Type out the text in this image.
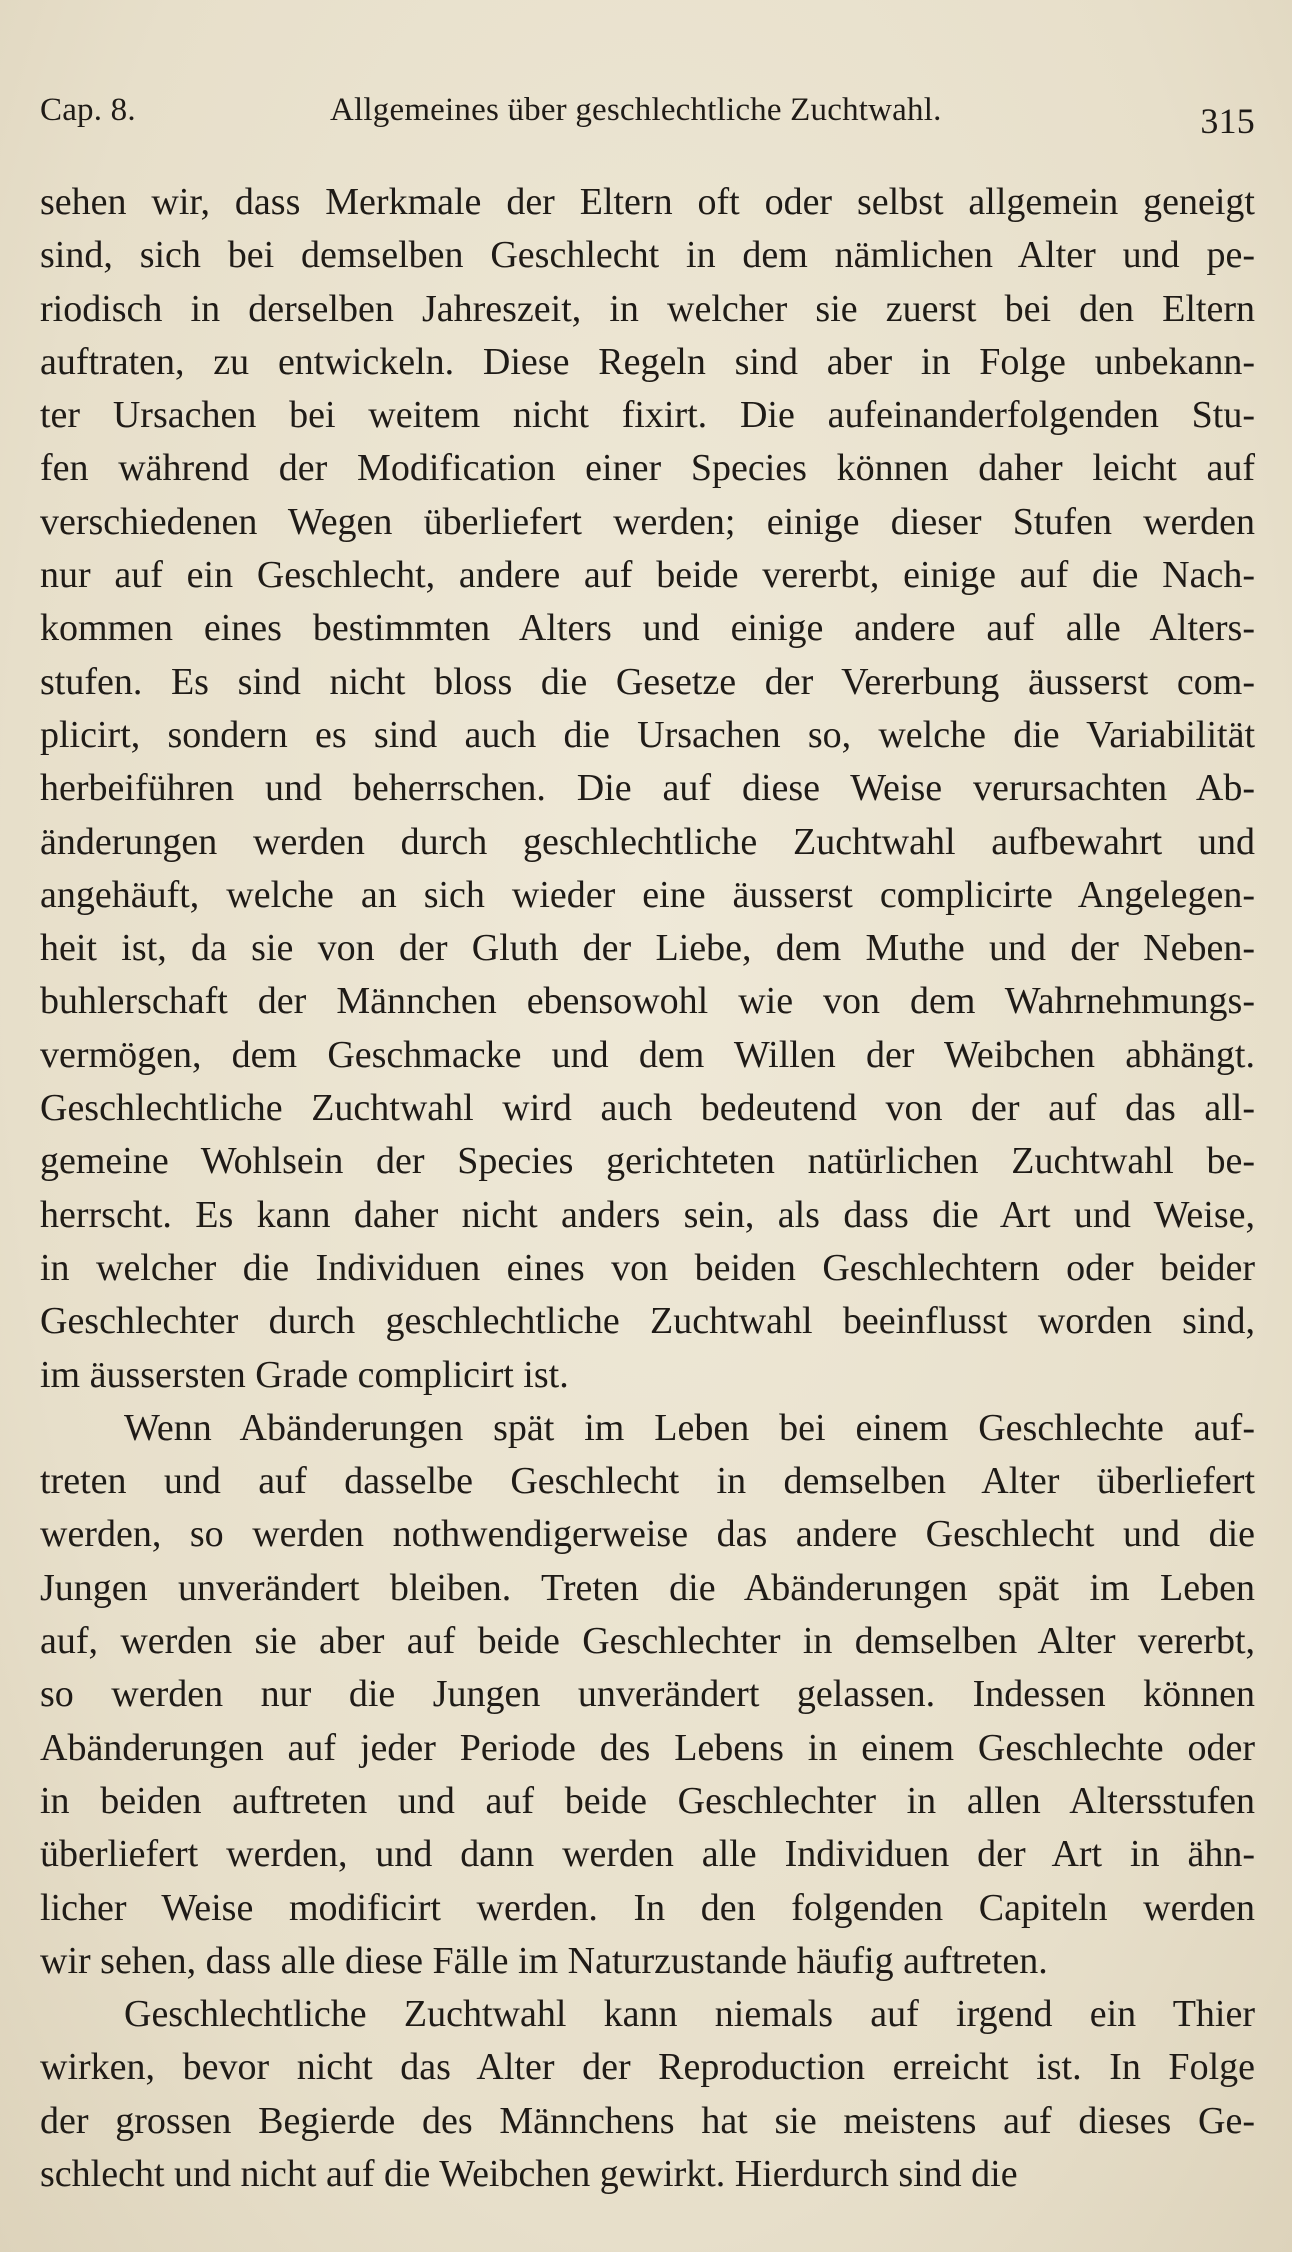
Cap. 8.	Allgemeines über geschlechtliche Zuchtwahl.	315
sehen wir, dass Merkmale der Eltern oft oder selbst allgemein geneigt
sind, sich bei demselben Geschlecht in dem nämlichen Alter und pe-
riodisch in derselben Jahreszeit, in welcher sie zuerst bei den Eltern
auftraten, zu entwickeln. Diese Regeln sind aber in Folge unbekann-
ter Ursachen bei weitem nicht fixirt. Die aufeinanderfolgenden Stu-
fen während der Modification einer Species können daher leicht auf
verschiedenen Wegen überliefert werden; einige dieser Stufen werden
nur auf ein Geschlecht, andere auf beide vererbt, einige auf die Nach-
kommen eines bestimmten Alters und einige andere auf alle Alters-
stufen. Es sind nicht bloss die Gesetze der Vererbung äusserst com-
plicirt, sondern es sind auch die Ursachen so, welche die Variabilität
herbeiführen und beherrschen. Die auf diese Weise verursachten Ab-
änderungen werden durch geschlechtliche Zuchtwahl aufbewahrt und
angehäuft, welche an sich wieder eine äusserst complicirte Angelegen-
heit ist, da sie von der Gluth der Liebe, dem Muthe und der Neben-
buhlerschaft der Männchen ebensowohl wie von dem Wahrnehmungs-
vermögen, dem Geschmacke und dem Willen der Weibchen abhängt.
Geschlechtliche Zuchtwahl wird auch bedeutend von der auf das all-
gemeine Wohlsein der Species gerichteten natürlichen Zuchtwahl be-
herrscht. Es kann daher nicht anders sein, als dass die Art und Weise,
in welcher die Individuen eines von beiden Geschlechtern oder beider
Geschlechter durch geschlechtliche Zuchtwahl beeinflusst worden sind,
im äussersten Grade complicirt ist.
Wenn Abänderungen spät im Leben bei einem Geschlechte auf-
treten und auf dasselbe Geschlecht in demselben Alter überliefert
werden, so werden nothwendigerweise das andere Geschlecht und die
Jungen unverändert bleiben. Treten die Abänderungen spät im Leben
auf, werden sie aber auf beide Geschlechter in demselben Alter vererbt,
so werden nur die Jungen unverändert gelassen. Indessen können
Abänderungen auf jeder Periode des Lebens in einem Geschlechte oder
in beiden auftreten und auf beide Geschlechter in allen Altersstufen
überliefert werden, und dann werden alle Individuen der Art in ähn-
licher Weise modificirt werden. In den folgenden Capiteln werden
wir sehen, dass alle diese Fälle im Naturzustande häufig auftreten.
Geschlechtliche Zuchtwahl kann niemals auf irgend ein Thier
wirken, bevor nicht das Alter der Reproduction erreicht ist. In Folge
der grossen Begierde des Männchens hat sie meistens auf dieses Ge-
schlecht und nicht auf die Weibchen gewirkt. Hierdurch sind die
